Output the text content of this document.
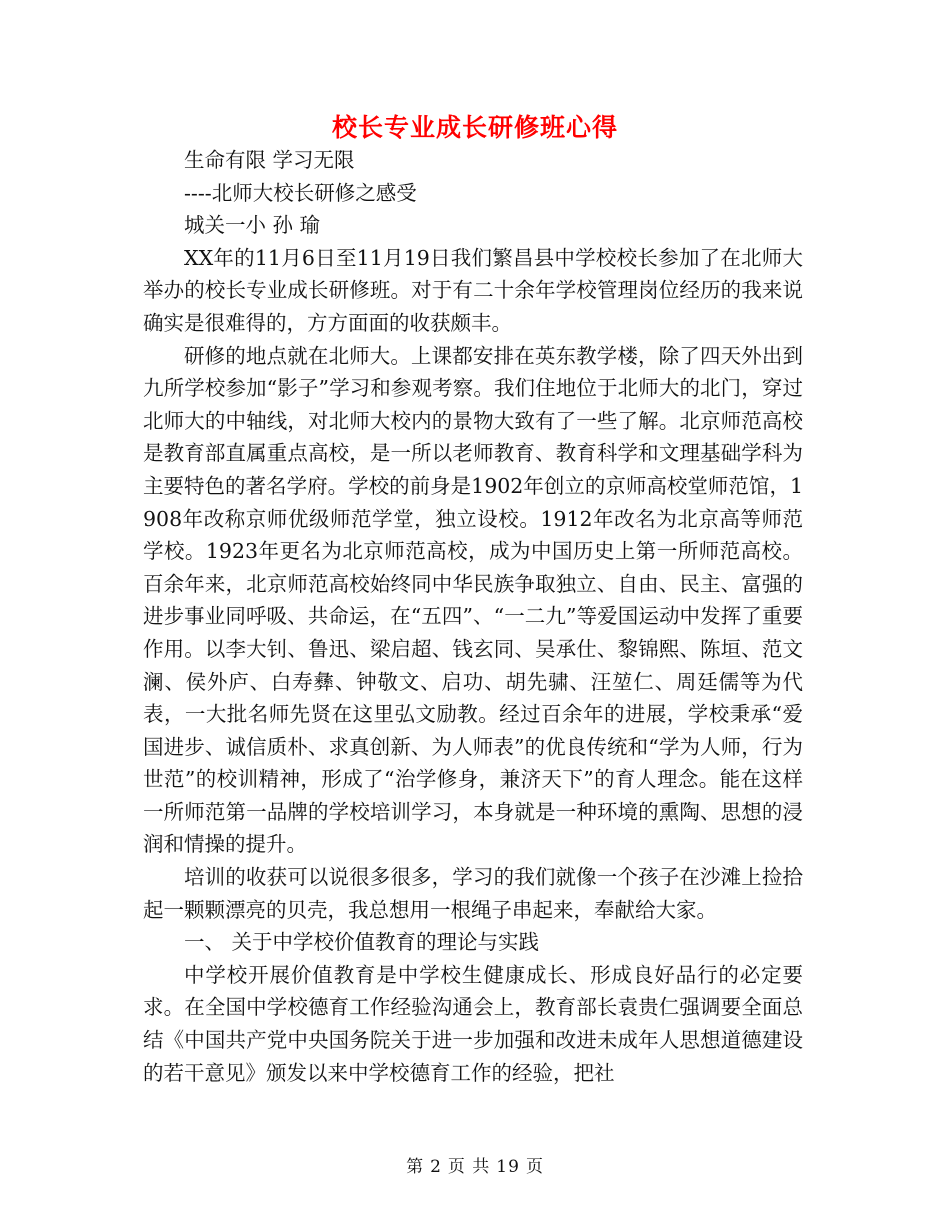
校长专业成长研修班心得

生命有限 学习无限

----北师大校长研修之感受

城关一小 孙 瑜

XX年的11月6日至11月19日我们繁昌县中学校校长参加了在北师大举办的校长专业成长研修班。对于有二十余年学校管理岗位经历的我来说确实是很难得的，方方面面的收获颇丰。

研修的地点就在北师大。上课都安排在英东教学楼，除了四天外出到九所学校参加“影子”学习和参观考察。我们住地位于北师大的北门，穿过北师大的中轴线，对北师大校内的景物大致有了一些了解。北京师范高校是教育部直属重点高校，是一所以老师教育、教育科学和文理基础学科为主要特色的著名学府。学校的前身是1902年创立的京师高校堂师范馆，1908年改称京师优级师范学堂，独立设校。1912年改名为北京高等师范学校。1923年更名为北京师范高校，成为中国历史上第一所师范高校。百余年来，北京师范高校始终同中华民族争取独立、自由、民主、富强的进步事业同呼吸、共命运，在“五四”、“一二九”等爱国运动中发挥了重要作用。以李大钊、鲁迅、梁启超、钱玄同、吴承仕、黎锦熙、陈垣、范文澜、侯外庐、白寿彝、钟敬文、启功、胡先骕、汪堃仁、周廷儒等为代表，一大批名师先贤在这里弘文励教。经过百余年的进展，学校秉承“爱国进步、诚信质朴、求真创新、为人师表”的优良传统和“学为人师，行为世范”的校训精神，形成了“治学修身，兼济天下”的育人理念。能在这样一所师范第一品牌的学校培训学习，本身就是一种环境的熏陶、思想的浸润和情操的提升。

培训的收获可以说很多很多，学习的我们就像一个孩子在沙滩上捡拾起一颗颗漂亮的贝壳，我总想用一根绳子串起来，奉献给大家。

一、 关于中学校价值教育的理论与实践

中学校开展价值教育是中学校生健康成长、形成良好品行的必定要求。在全国中学校德育工作经验沟通会上，教育部长袁贵仁强调要全面总结《中国共产党中央国务院关于进一步加强和改进未成年人思想道德建设的若干意见》颁发以来中学校德育工作的经验，把社

第 2 页 共 19 页
